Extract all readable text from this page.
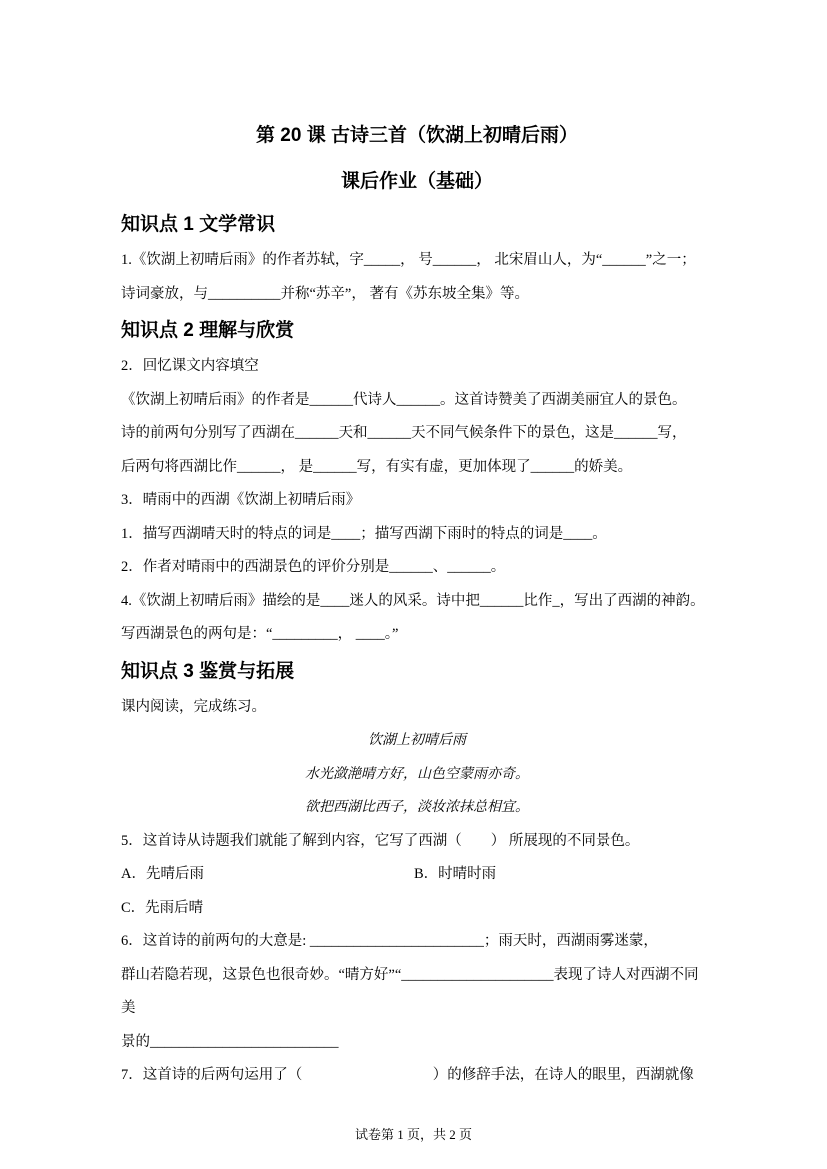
第 20 课 古诗三首（饮湖上初晴后雨）
课后作业（基础）
知识点 1 文学常识
1.《饮湖上初晴后雨》的作者苏轼，字_____， 号______， 北宋眉山人，为“______”之一；
诗词豪放，与__________并称“苏辛”， 著有《苏东坡全集》等。
知识点 2 理解与欣赏
2．回忆课文内容填空
《饮湖上初晴后雨》的作者是______代诗人______。这首诗赞美了西湖美丽宜人的景色。
诗的前两句分别写了西湖在______天和______天不同气候条件下的景色，这是______写，
后两句将西湖比作______， 是______写，有实有虚，更加体现了______的娇美。
3．晴雨中的西湖《饮湖上初晴后雨》
1．描写西湖晴天时的特点的词是____；描写西湖下雨时的特点的词是____。
2．作者对晴雨中的西湖景色的评价分别是______、______。
4.《饮湖上初晴后雨》描绘的是____迷人的风采。诗中把______比作_，写出了西湖的神韵。
写西湖景色的两句是：“_________， ____。”
知识点 3 鉴赏与拓展
课内阅读，完成练习。
饮湖上初晴后雨
水光潋滟晴方好，山色空蒙雨亦奇。
欲把西湖比西子，淡妆浓抹总相宜。
5．这首诗从诗题我们就能了解到内容，它写了西湖（　　） 所展现的不同景色。
A．先晴后雨	B．时晴时雨
C．先雨后晴
6．这首诗的前两句的大意是: ________________________；雨天时，西湖雨雾迷蒙，
群山若隐若现，这景色也很奇妙。“晴方好”“_____________________表现了诗人对西湖不同美
景的__________________________
7．这首诗的后两句运用了（　　　　　　　　　）的修辞手法，在诗人的眼里，西湖就像
试卷第 1 页，共 2 页
